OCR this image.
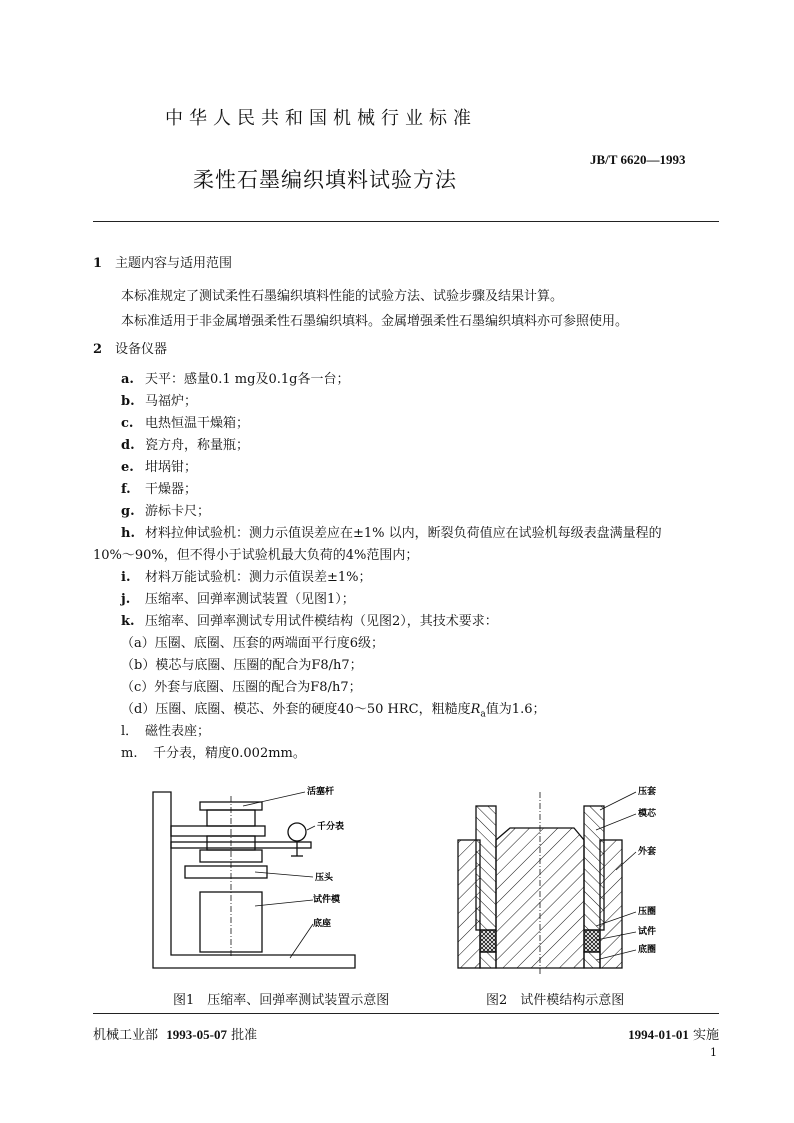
中华人民共和国机械行业标准
JB/T 6620—1993
柔性石墨编织填料试验方法
1 主题内容与适用范围
本标准规定了测试柔性石墨编织填料性能的试验方法、试验步骤及结果计算。
本标准适用于非金属增强柔性石墨编织填料。金属增强柔性石墨编织填料亦可参照使用。
2 设备仪器
a. 天平：感量0.1 mg及0.1g各一台；
b. 马福炉；
c. 电热恒温干燥箱；
d. 瓷方舟，称量瓶；
e. 坩埚钳；
f. 干燥器；
g. 游标卡尺；
h. 材料拉伸试验机：测力示值误差应在±1% 以内，断裂负荷值应在试验机每级表盘满量程的
10%～90%，但不得小于试验机最大负荷的4%范围内；
i. 材料万能试验机：测力示值误差±1%；
j. 压缩率、回弹率测试装置（见图1）；
k. 压缩率、回弹率测试专用试件模结构（见图2），其技术要求：
（a）压圈、底圈、压套的两端面平行度6级；
（b）模芯与底圈、压圈的配合为F8/h7；
（c）外套与底圈、压圈的配合为F8/h7；
（d）压圈、底圈、模芯、外套的硬度40～50 HRC，粗糙度$R_a$值为1.6；
l． 磁性表座；
m. 千分表，精度0.002mm。
活塞杆
千分表
压头
试件模
底座
图1　压缩率、回弹率测试装置示意图
压套
模芯
外套
压圈
试件
底圈
图2　试件模结构示意图
机械工业部 1993-05-07 批准	1994-01-01 实施
1
